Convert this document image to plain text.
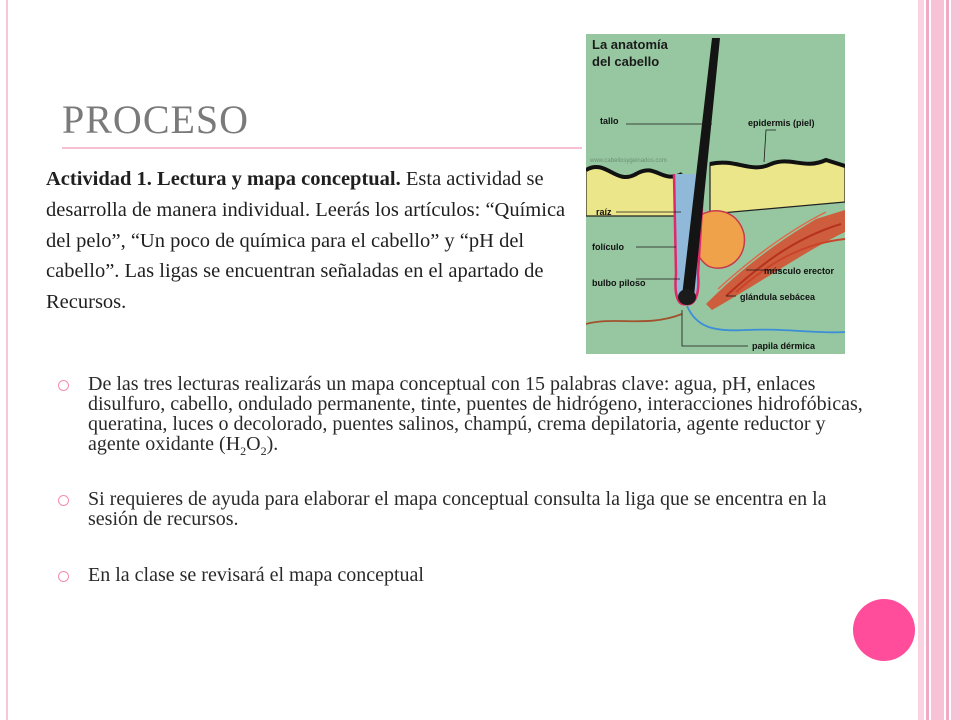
PROCESO
Actividad 1. Lectura y mapa conceptual. Esta actividad se desarrolla de manera individual. Leerás los artículos: “Química del pelo”, “Un poco de química para el cabello” y “pH del cabello”. Las ligas se encuentran señaladas en el apartado de Recursos.
La anatomía
del cabello
www.cabellosygeinados.com
tallo	epidermis (piel)
raíz
folículo
bulbo piloso
músculo erector
glándula sebácea
papila dérmica
De las tres lecturas realizarás un mapa conceptual con 15 palabras clave: agua, pH, enlaces disulfuro, cabello, ondulado permanente, tinte, puentes de hidrógeno, interacciones hidrofóbicas, queratina, luces o decolorado, puentes salinos, champú, crema depilatoria, agente reductor y agente oxidante $(H_2O_2)$.
Si requieres de ayuda para elaborar el mapa conceptual consulta la liga que se encentra en la sesión de recursos.
En la clase se revisará el mapa conceptual
